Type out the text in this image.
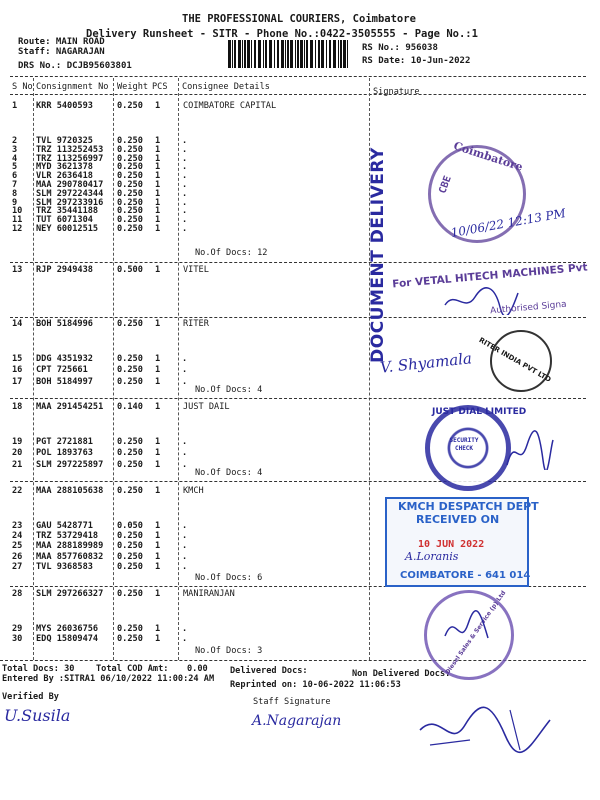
THE PROFESSIONAL COURIERS, Coimbatore
Delivery Runsheet - SITR - Phone No.:0422-3505555 - Page No.:1
Route: MAIN ROAD
Staff: NAGARAJAN
DRS No.: DCJB95603801
RS No.: 956038
RS Date: 10-Jun-2022
S No Consignment No Weight PCS Consignee Details	Signature
1 KRR 5400593	0.250 1	COIMBATORE CAPITAL
2 TVL 9720325	0.250 1	.
3 TRZ 113252453 0.250 1	.
4 TRZ 113256997 0.250 1	.
5 MYD 3621378	0.250 1	.
6 VLR 2636418	0.250 1	.
7 MAA 290780417 0.250 1	.
8 SLM 297224344 0.250 1	.
9 SLM 297233916 0.250 1	.
10 TRZ 35441188 0.250 1	.
11 TUT 6071304	0.250 1	.
12 NEY 60012515 0.250 1	.
No.Of Docs: 12
13 RJP 2949438	0.500 1	VITEL
14 BOH 5184996	0.250 1	RITER
15 DDG 4351932	0.250 1	.
16 CPT 725661	0.250 1	.
17 BOH 5184997	0.250 1	.
No.Of Docs: 4
18 MAA 291454251 0.140 1	JUST DAIL
19 PGT 2721881	0.250 1	.
20 POL 1893763	0.250 1	.
21 SLM 297225897 0.250 1	.
No.Of Docs: 4
22 MAA 288105638 0.250 1	KMCH
23 GAU 5428771	0.050 1	.
24 TRZ 53729418 0.250 1	.
25 MAA 288189989 0.250 1	.
26 MAA 857760832 0.250 1	.
27 TVL 9368583	0.250 1	.
No.Of Docs: 6
28 SLM 297266327 0.250 1	MANIRANJAN
29 MYS 26036756 0.250 1	.
30 EDQ 15809474 0.250 1	.
No.Of Docs: 3
Total Docs: 30	Total COD Amt: 0.00	Delivered Docs:	Non Delivered Docs:
Entered By :SITRA1 06/10/2022 11:00:24 AM
Reprinted on: 10-06-2022 11:06:53
Verified By	Staff Signature
U.Susila	A.Nagarajan
DOCUMENT DELIVERY	Coimbatore
CBE
10/06/22 12:13 PM
For VETAL HITECH MACHINES Pvt
Authorised Signa
V. Shyamala RITER INDIA PVT LTD
JUST DIAL LIMITED
SECURITY CHECK
KMCH DESPATCH DEPT
RECEIVED ON
10 JUN 2022
A.Loranis
COIMBATORE - 641 014
Diesel Sales & Service (p) Ltd
